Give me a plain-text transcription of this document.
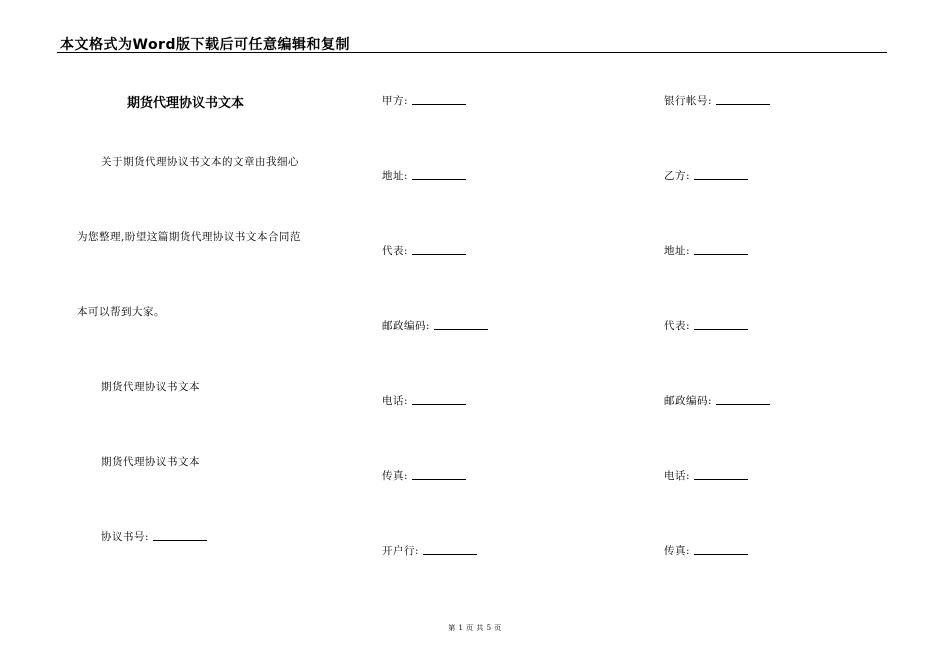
本文格式为Word版下载后可任意编辑和复制
期货代理协议书文本
关于期货代理协议书文本的文章由我细心
为您整理,盼望这篇期货代理协议书文本合同范
本可以帮到大家。
期货代理协议书文本
期货代理协议书文本
协议书号:
甲方:
地址:
代表:
邮政编码:
电话:
传真:
开户行:
银行帐号:
乙方:
地址:
代表:
邮政编码:
电话:
传真:
第 1 页 共 5 页
